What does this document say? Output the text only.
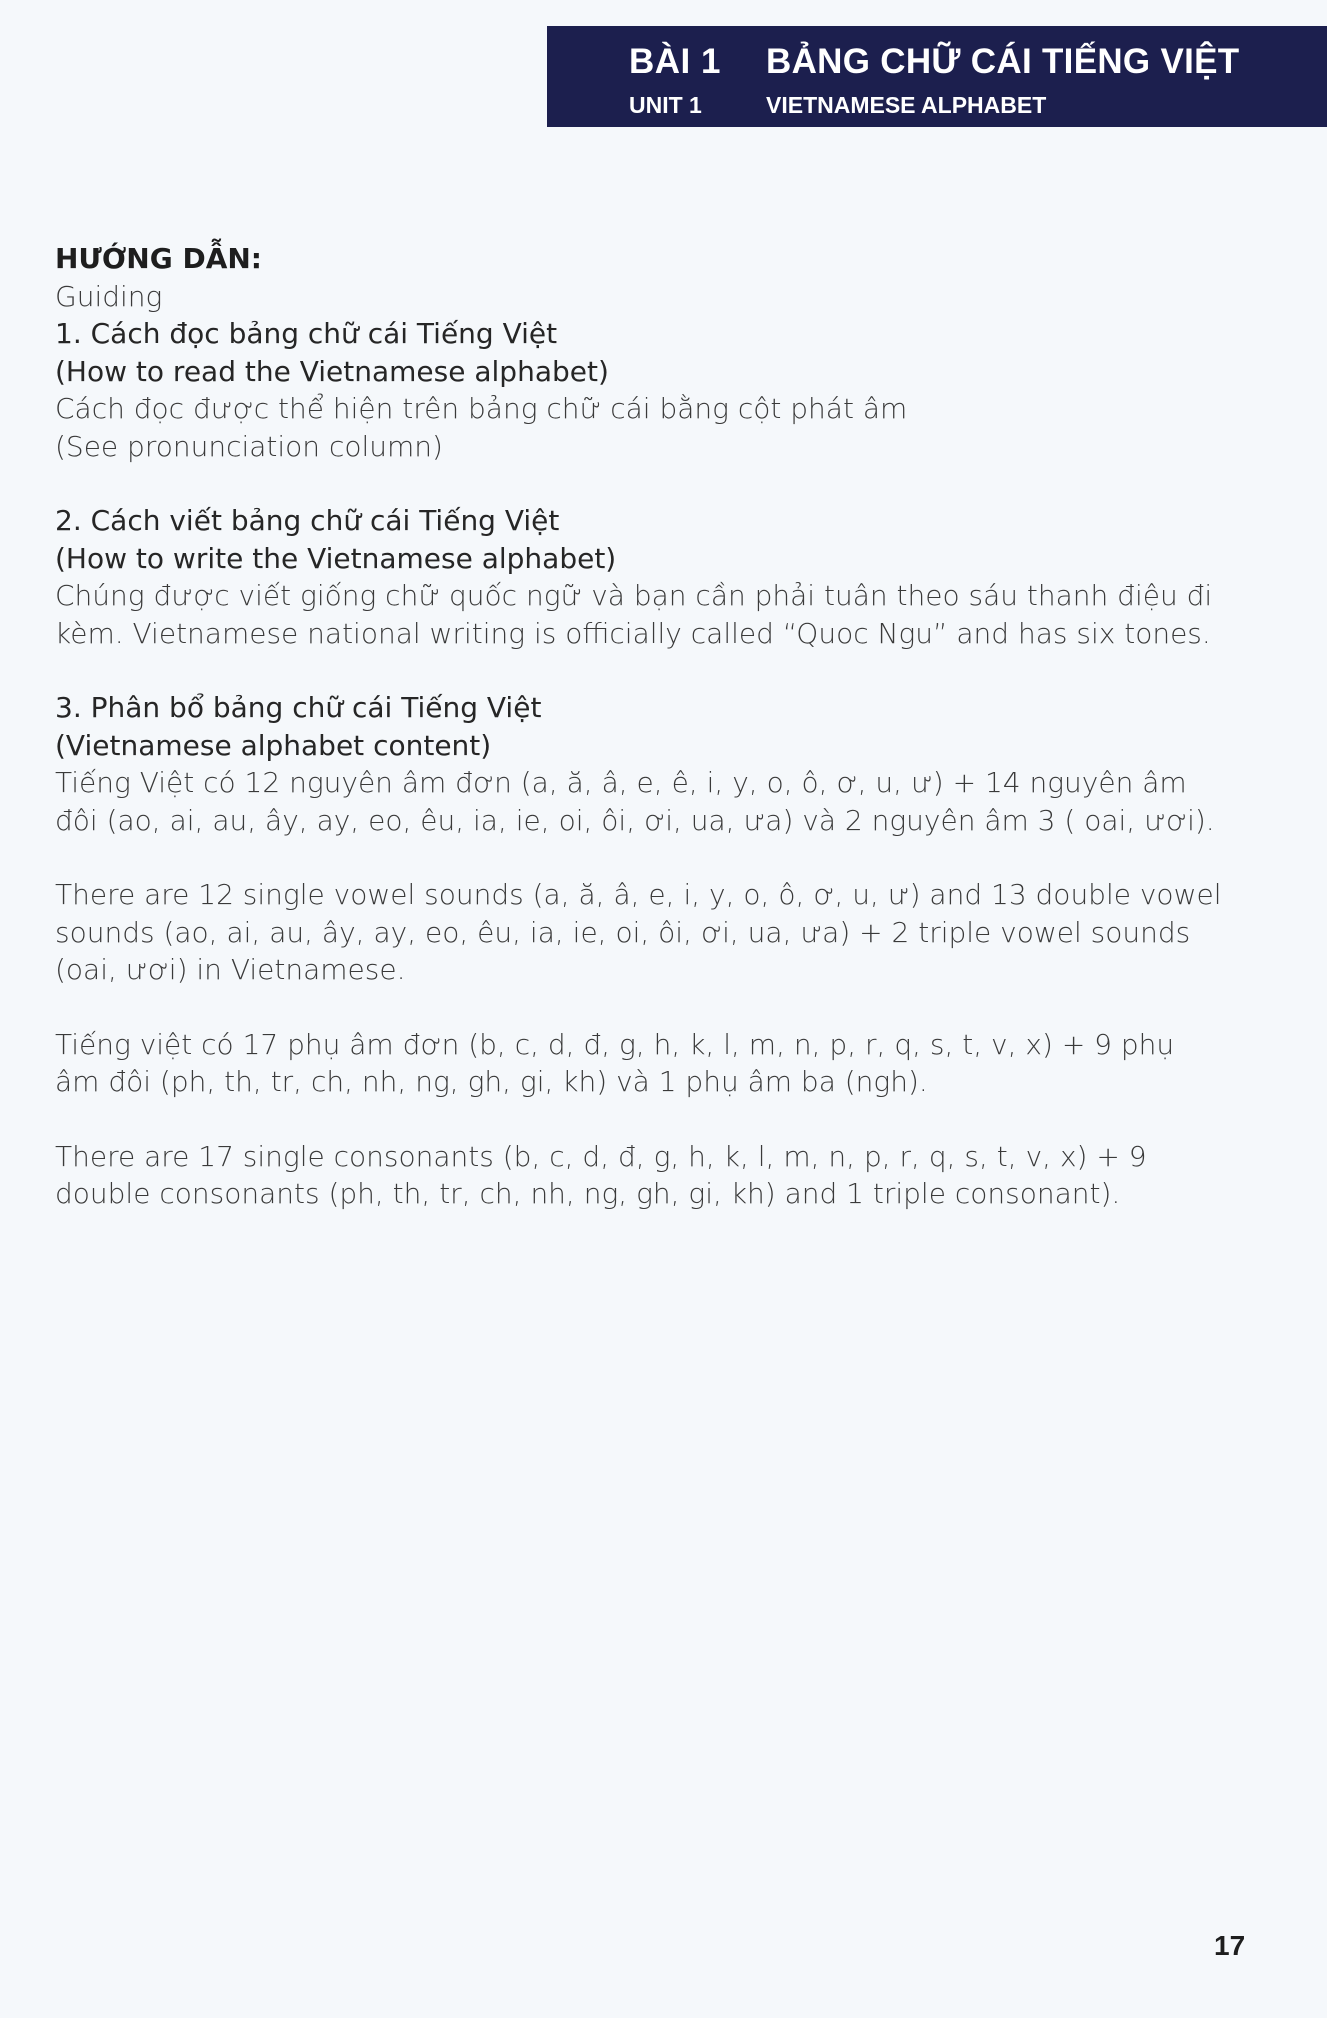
BÀI 1
UNIT 1
BẢNG CHỮ CÁI TIẾNG VIỆT
VIETNAMESE ALPHABET
HƯỚNG DẪN:
Guiding
1. Cách đọc bảng chữ cái Tiếng Việt
(How to read the Vietnamese alphabet)
Cách đọc được thể hiện trên bảng chữ cái bằng cột phát âm
(See pronunciation column)
2. Cách viết bảng chữ cái Tiếng Việt
(How to write the Vietnamese alphabet)
Chúng được viết giống chữ quốc ngữ và bạn cần phải tuân theo sáu thanh điệu đi kèm. Vietnamese national writing is officially called “Quoc Ngu” and has six tones.
3. Phân bổ bảng chữ cái Tiếng Việt
(Vietnamese alphabet content)
Tiếng Việt có 12 nguyên âm đơn (a, ă, â, e, ê, i, y, o, ô, ơ, u, ư) + 14 nguyên âm đôi (ao, ai, au, ây, ay, eo, êu, ia, ie, oi, ôi, ơi, ua, ưa) và 2 nguyên âm 3 ( oai, ươi).
There are 12 single vowel sounds (a, ă, â, e, i, y, o, ô, ơ, u, ư) and 13 double vowel sounds (ao, ai, au, ây, ay, eo, êu, ia, ie, oi, ôi, ơi, ua, ưa) + 2 triple vowel sounds (oai, ươi) in Vietnamese.
Tiếng việt có 17 phụ âm đơn (b, c, d, đ, g, h, k, l, m, n, p, r, q, s, t, v, x) + 9 phụ âm đôi (ph, th, tr, ch, nh, ng, gh, gi, kh) và 1 phụ âm ba (ngh).
There are 17 single consonants (b, c, d, đ, g, h, k, l, m, n, p, r, q, s, t, v, x) + 9 double consonants (ph, th, tr, ch, nh, ng, gh, gi, kh) and 1 triple consonant).
17
